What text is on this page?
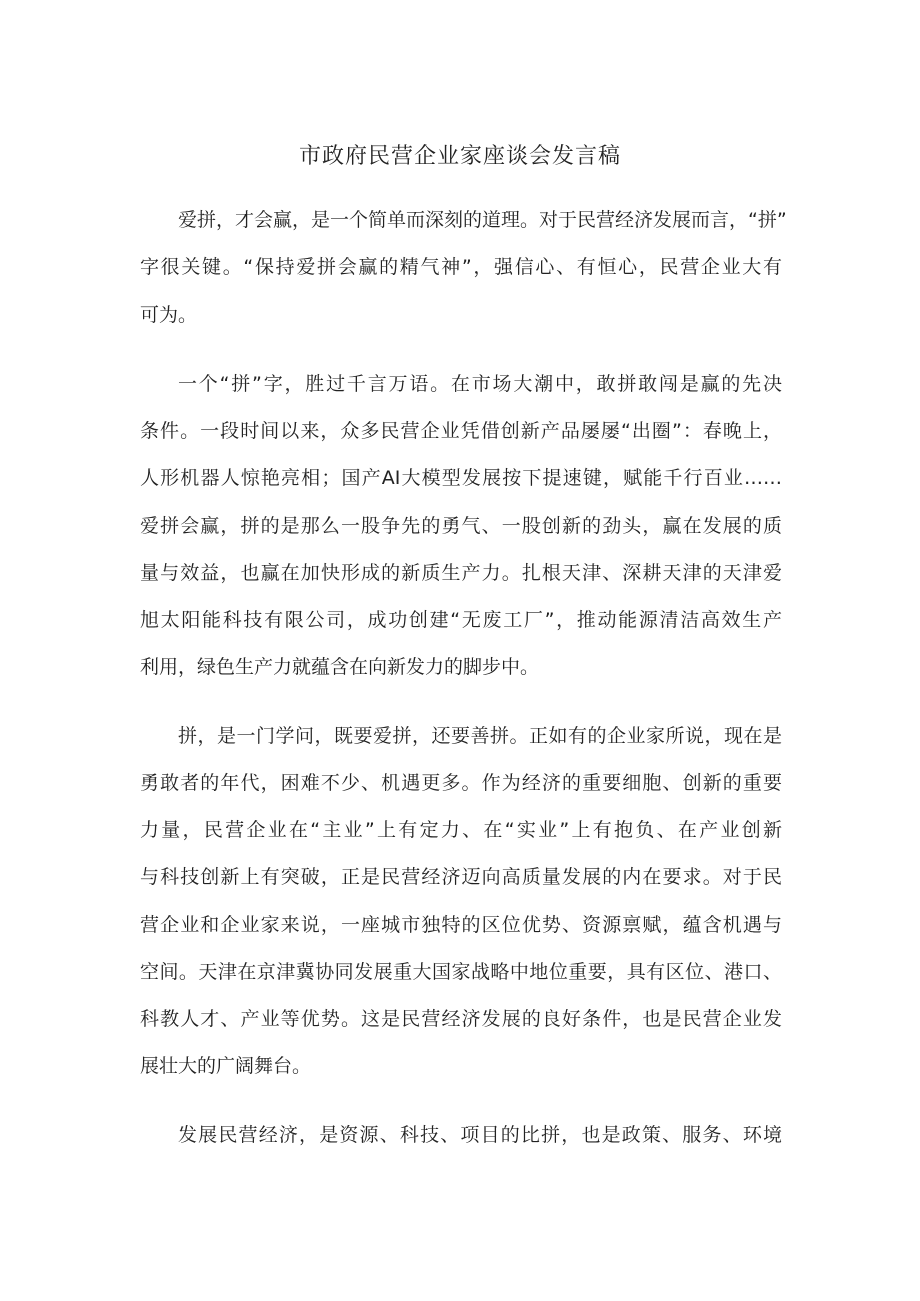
市政府民营企业家座谈会发言稿
爱拼，才会赢，是一个简单而深刻的道理。对于民营经济发展而言，“拼”
字很关键。“保持爱拼会赢的精气神”，强信心、有恒心，民营企业大有
可为。
一个“拼”字，胜过千言万语。在市场大潮中，敢拼敢闯是赢的先决
条件。一段时间以来，众多民营企业凭借创新产品屡屡“出圈”：春晚上，
人形机器人惊艳亮相；国产AI大模型发展按下提速键，赋能千行百业……
爱拼会赢，拼的是那么一股争先的勇气、一股创新的劲头，赢在发展的质
量与效益，也赢在加快形成的新质生产力。扎根天津、深耕天津的天津爱
旭太阳能科技有限公司，成功创建“无废工厂”，推动能源清洁高效生产
利用，绿色生产力就蕴含在向新发力的脚步中。
拼，是一门学问，既要爱拼，还要善拼。正如有的企业家所说，现在是
勇敢者的年代，困难不少、机遇更多。作为经济的重要细胞、创新的重要
力量，民营企业在“主业”上有定力、在“实业”上有抱负、在产业创新
与科技创新上有突破，正是民营经济迈向高质量发展的内在要求。对于民
营企业和企业家来说，一座城市独特的区位优势、资源禀赋，蕴含机遇与
空间。天津在京津冀协同发展重大国家战略中地位重要，具有区位、港口、
科教人才、产业等优势。这是民营经济发展的良好条件，也是民营企业发
展壮大的广阔舞台。
发展民营经济，是资源、科技、项目的比拼，也是政策、服务、环境
